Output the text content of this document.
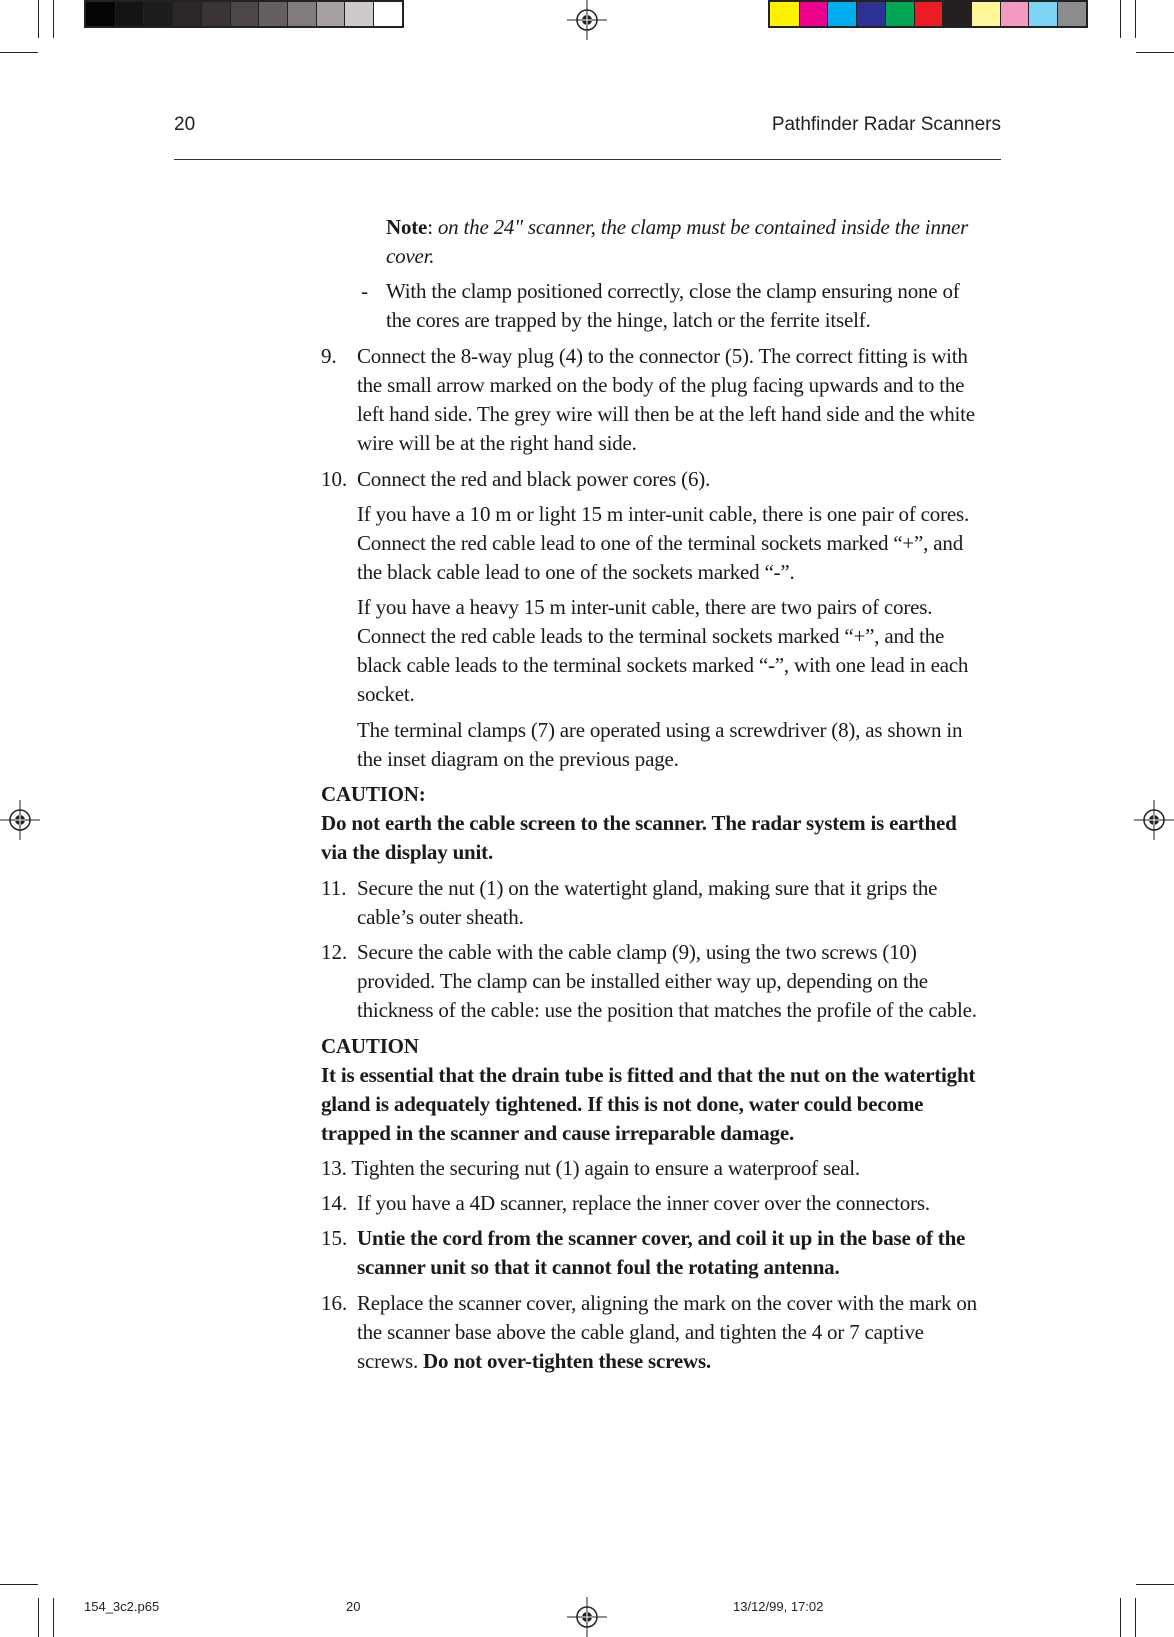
20	Pathfinder Radar Scanners
Note: on the 24" scanner, the clamp must be contained inside the inner
cover.
- With the clamp positioned correctly, close the clamp ensuring none of
the cores are trapped by the hinge, latch or the ferrite itself.
9. Connect the 8-way plug (4) to the connector (5). The correct fitting is with
the small arrow marked on the body of the plug facing upwards and to the
left hand side. The grey wire will then be at the left hand side and the white
wire will be at the right hand side.
10. Connect the red and black power cores (6).
If you have a 10 m or light 15 m inter-unit cable, there is one pair of cores.
Connect the red cable lead to one of the terminal sockets marked “+”, and
the black cable lead to one of the sockets marked “-”.
If you have a heavy 15 m inter-unit cable, there are two pairs of cores.
Connect the red cable leads to the terminal sockets marked “+”, and the
black cable leads to the terminal sockets marked “-”, with one lead in each
socket.
The terminal clamps (7) are operated using a screwdriver (8), as shown in
the inset diagram on the previous page.
CAUTION:
Do not earth the cable screen to the scanner. The radar system is earthed
via the display unit.
11. Secure the nut (1) on the watertight gland, making sure that it grips the
cable’s outer sheath.
12. Secure the cable with the cable clamp (9), using the two screws (10)
provided. The clamp can be installed either way up, depending on the
thickness of the cable: use the position that matches the profile of the cable.
CAUTION
It is essential that the drain tube is fitted and that the nut on the watertight
gland is adequately tightened. If this is not done, water could become
trapped in the scanner and cause irreparable damage.
13. Tighten the securing nut (1) again to ensure a waterproof seal.
14. If you have a 4D scanner, replace the inner cover over the connectors.
15. Untie the cord from the scanner cover, and coil it up in the base of the
scanner unit so that it cannot foul the rotating antenna.
16. Replace the scanner cover, aligning the mark on the cover with the mark on
the scanner base above the cable gland, and tighten the 4 or 7 captive
screws. Do not over-tighten these screws.
154_3c2.p65	20	13/12/99, 17:02
